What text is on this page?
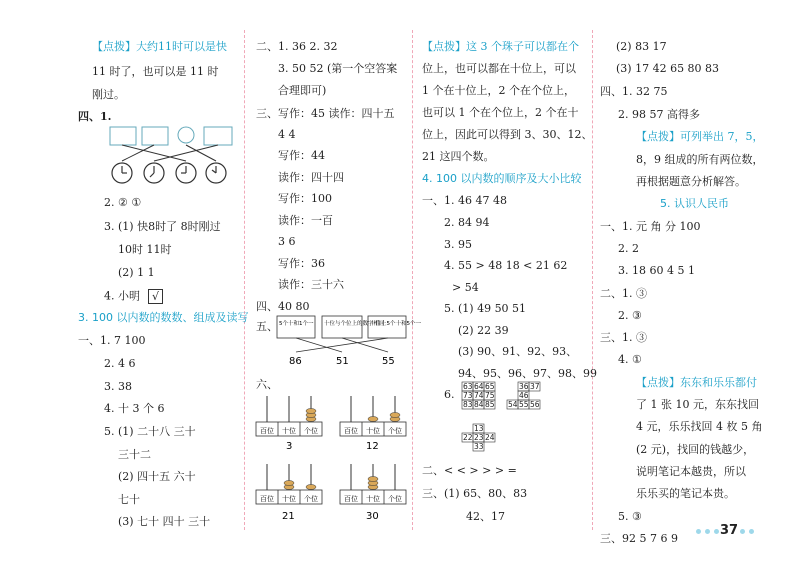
【点拨】大约11时可以是快
11 时了，也可以是 11 时
刚过。
四、1.
2. ② ①
3. (1) 快8时了 8时刚过
10时 11时
(2) 1 1
4. 小明 √
3. 100 以内数的数数、组成及读写
一、1. 7 100
2. 4 6
3. 38
4. 十 3 个 6
5. (1) 二十八 三十
三十二
(2) 四十五 六十
七十
(3) 七十 四十 三十
二、1. 36 2. 32
3. 50 52 (第一个空答案
合理即可)
三、写作：45 读作：四十五
4 4
写作：44
读作：四十四
写作：100
读作：一百
3 6
写作：36
读作：三十六
四、40 80
五、 5个十和1个一 十位与个位上的数字相同
十位上5个十和5个一
86	51	55
六、
百位 十位 个位
3
百位 十位 个位
12
百位 十位 个位
21
百位 十位 个位
30
【点拨】这 3 个珠子可以都在个
位上，也可以都在十位上，可以
1 个在十位上，2 个在个位上，
也可以 1 个在个位上，2 个在十
位上，因此可以得到 3、30、12、
21 这四个数。
4. 100 以内数的顺序及大小比较
一、1. 46 47 48
2. 84 94
3. 95
4. 55 > 48 18 < 21 62
> 54
5. (1) 49 50 51
(2) 22 39
(3) 90、91、92、93、
94、95、96、97、98、99
6.
63 64 65
73 74 75
83 84 85
36 37
46
54 55 56
13
22 23 24
33
二、< < > > > =
三、(1) 65、80、83
42、17
(2) 83 17
(3) 17 42 65 80 83
四、1. 32 75
2. 98 57 高得多
【点拨】可列举出 7，5，
8，9 组成的所有两位数，
再根据题意分析解答。
5. 认识人民币
一、1. 元 角 分 100
2. 2
3. 18 60 4 5 1
二、1. ③
2. ③
三、1. ③
4. ①
【点拨】东东和乐乐都付
了 1 张 10 元，东东找回
4 元，乐乐找回 4 枚 5 角
(2 元)，找回的钱越少，
说明笔记本越贵，所以
乐乐买的笔记本贵。
5. ③
三、92 5 7 6 9
37
